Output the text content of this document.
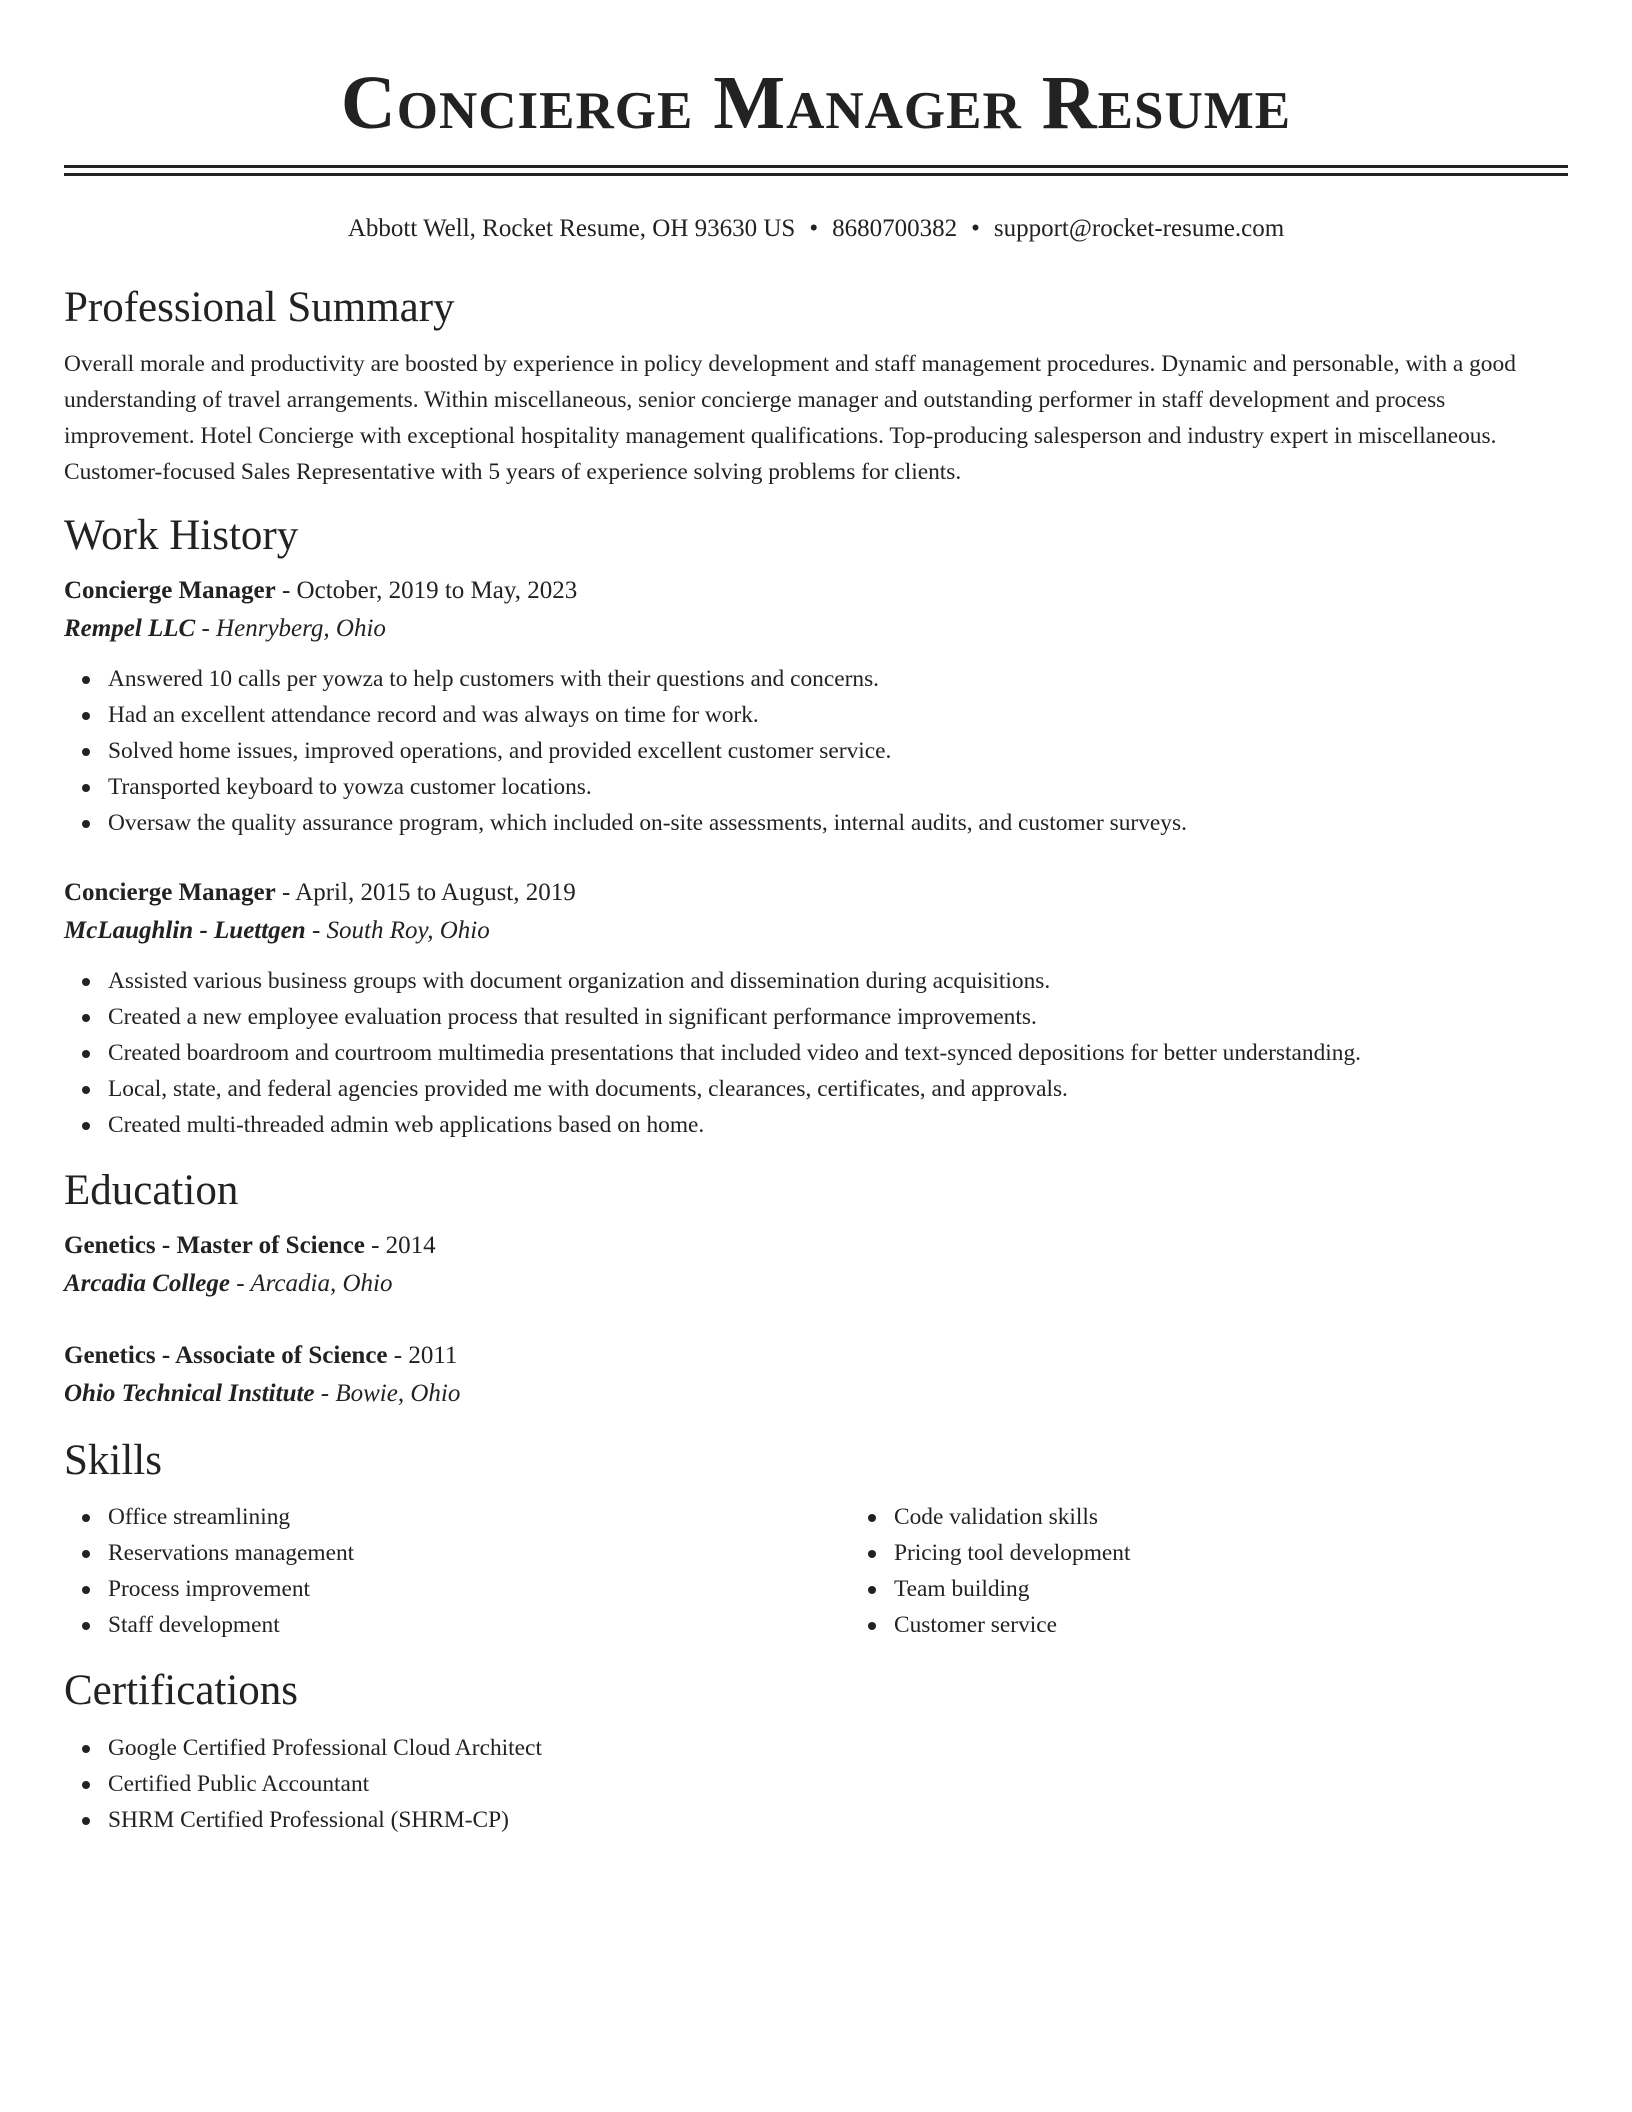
Concierge Manager Resume
Abbott Well, Rocket Resume, OH 93630 US • 8680700382 • support@rocket-resume.com
Professional Summary

Overall morale and productivity are boosted by experience in policy development and staff management procedures. Dynamic and personable, with a good understanding of travel arrangements. Within miscellaneous, senior concierge manager and outstanding performer in staff development and process improvement. Hotel Concierge with exceptional hospitality management qualifications. Top-producing salesperson and industry expert in miscellaneous. Customer-focused Sales Representative with 5 years of experience solving problems for clients.

Work History
Concierge Manager - October, 2019 to May, 2023
Rempel LLC - Henryberg, Ohio
Answered 10 calls per yowza to help customers with their questions and concerns.
Had an excellent attendance record and was always on time for work.
Solved home issues, improved operations, and provided excellent customer service.
Transported keyboard to yowza customer locations.
Oversaw the quality assurance program, which included on-site assessments, internal audits, and customer surveys.
Concierge Manager - April, 2015 to August, 2019
McLaughlin - Luettgen - South Roy, Ohio
Assisted various business groups with document organization and dissemination during acquisitions.
Created a new employee evaluation process that resulted in significant performance improvements.
Created boardroom and courtroom multimedia presentations that included video and text-synced depositions for better understanding.
Local, state, and federal agencies provided me with documents, clearances, certificates, and approvals.
Created multi-threaded admin web applications based on home.
Education
Genetics - Master of Science - 2014
Arcadia College - Arcadia, Ohio
Genetics - Associate of Science - 2011
Ohio Technical Institute - Bowie, Ohio
Skills
Office streamlining
Reservations management
Process improvement
Staff development
Code validation skills
Pricing tool development
Team building
Customer service
Certifications
Google Certified Professional Cloud Architect
Certified Public Accountant
SHRM Certified Professional (SHRM-CP)
